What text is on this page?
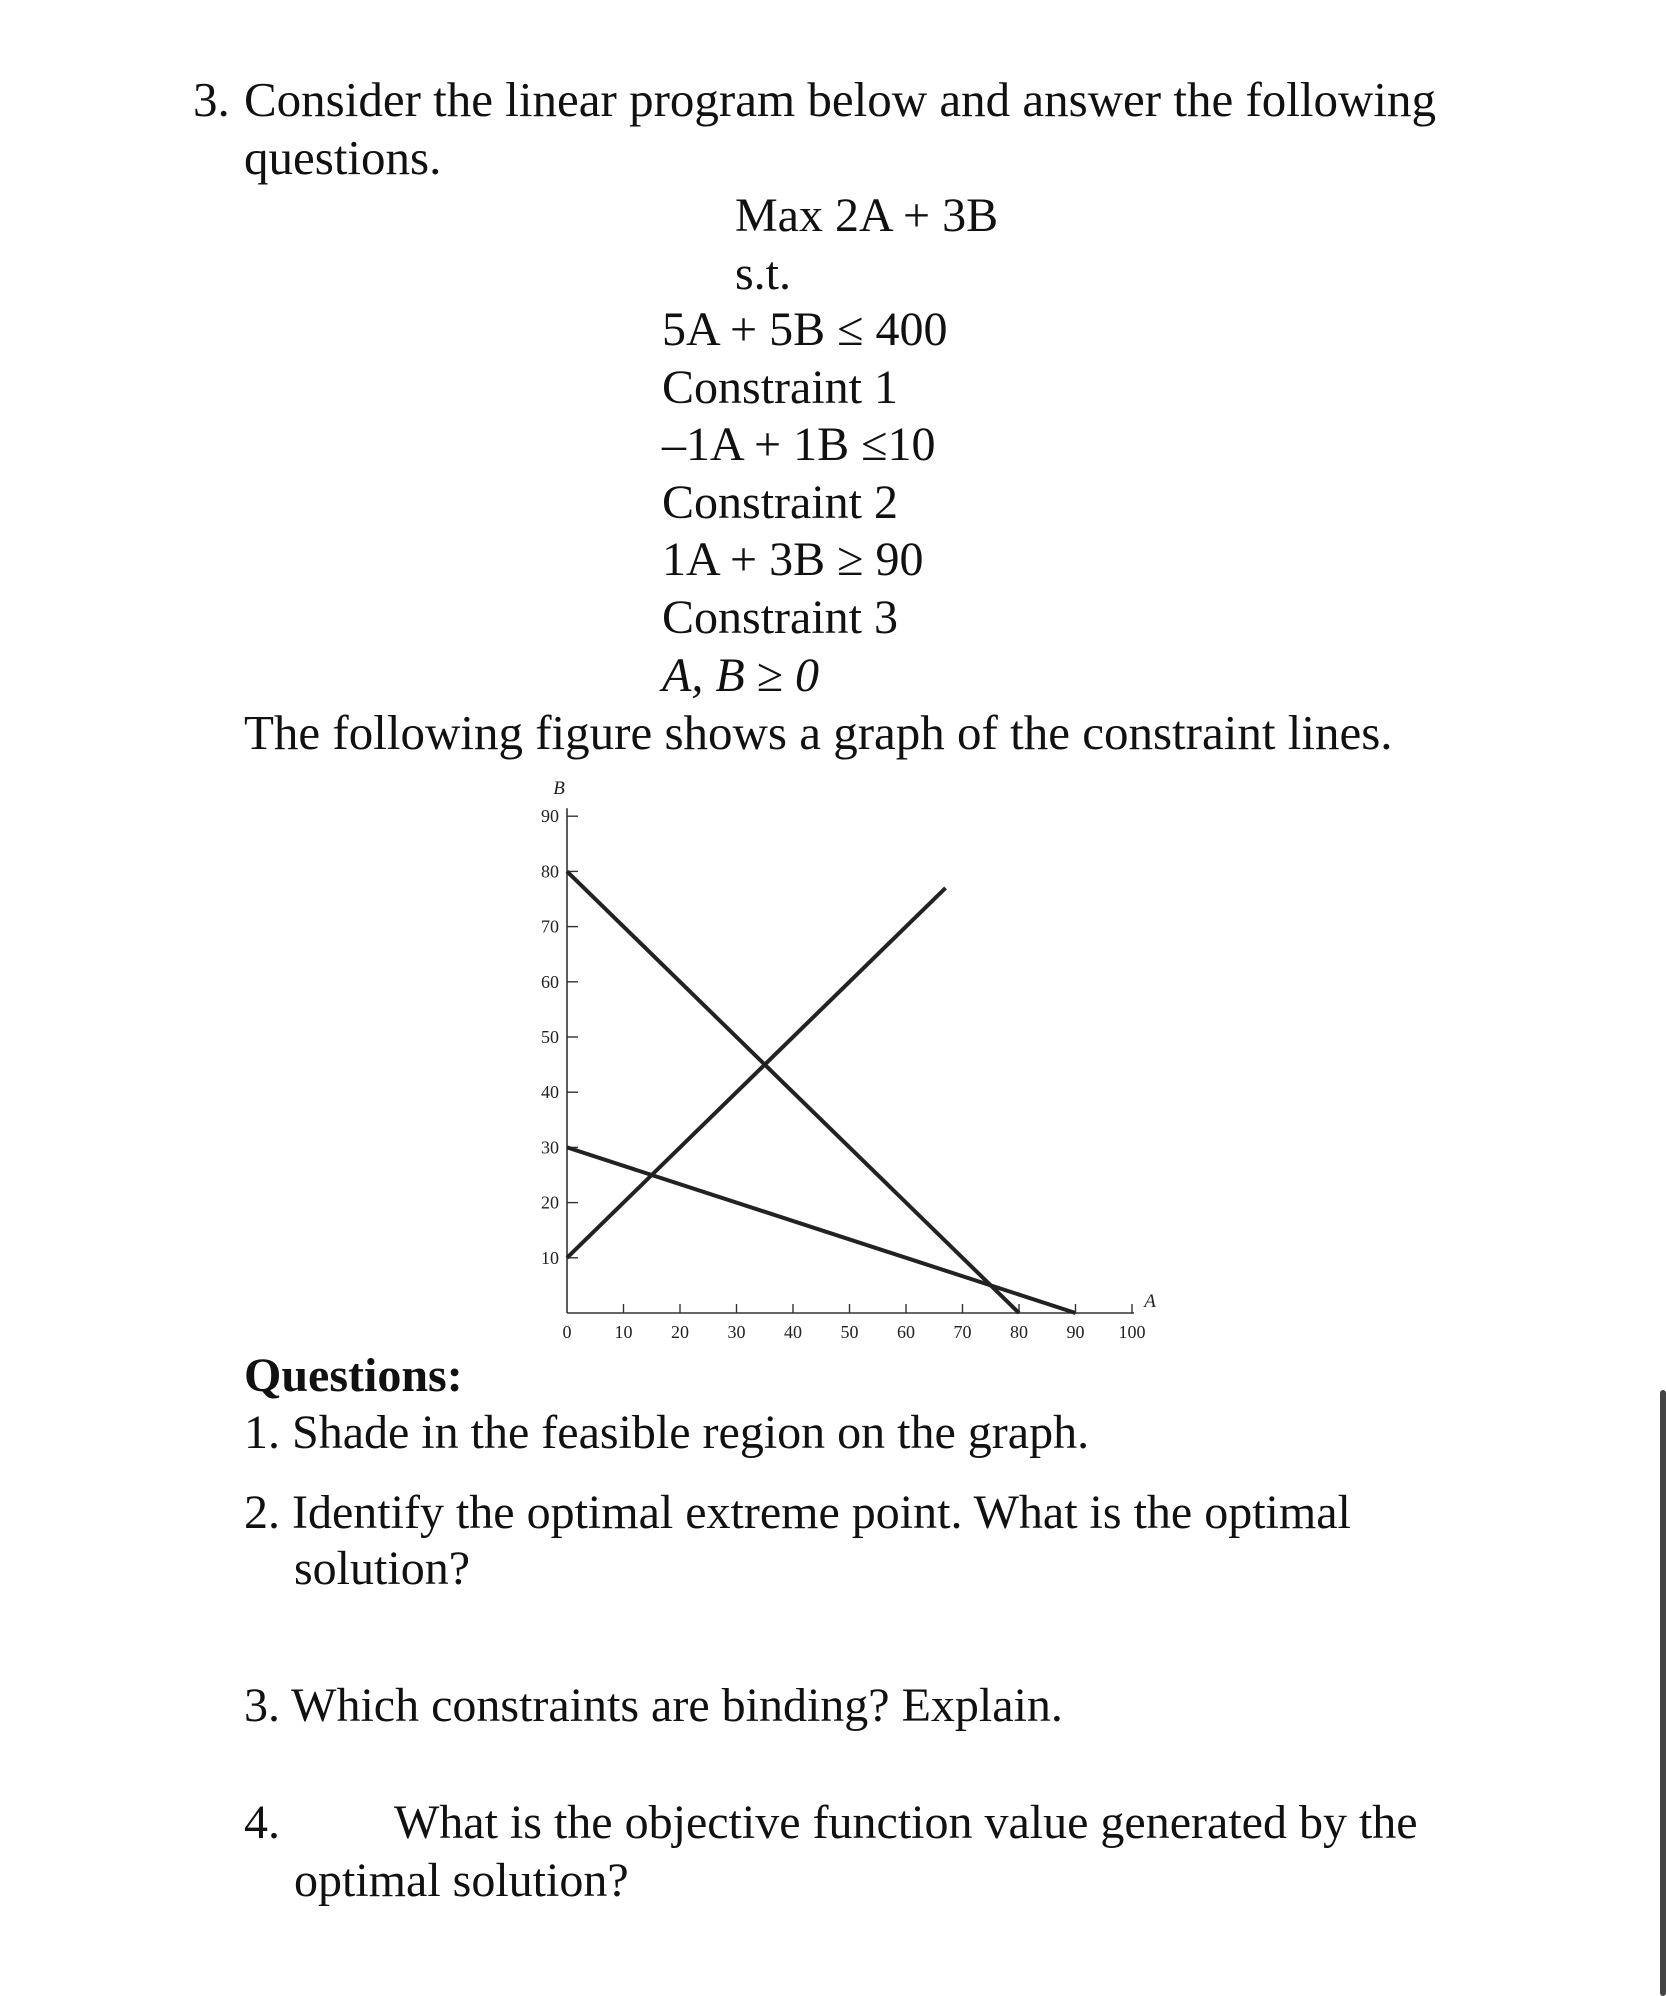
3. Consider the linear program below and answer the following
questions.
Max 2A + 3B
s.t.
5A + 5B ≤ 400
Constraint 1
–1A + 1B ≤10
Constraint 2
1A + 3B ≥ 90
Constraint 3
A, B ≥ 0
The following figure shows a graph of the constraint lines.
0 10 20 30 40 50 60 70 80 90 100
10
20
30
40
50
60
70
80
90
B
A
Questions:
1. Shade in the feasible region on the graph.
2. Identify the optimal extreme point. What is the optimal
solution?
3. Which constraints are binding? Explain.
4. What is the objective function value generated by the
optimal solution?
